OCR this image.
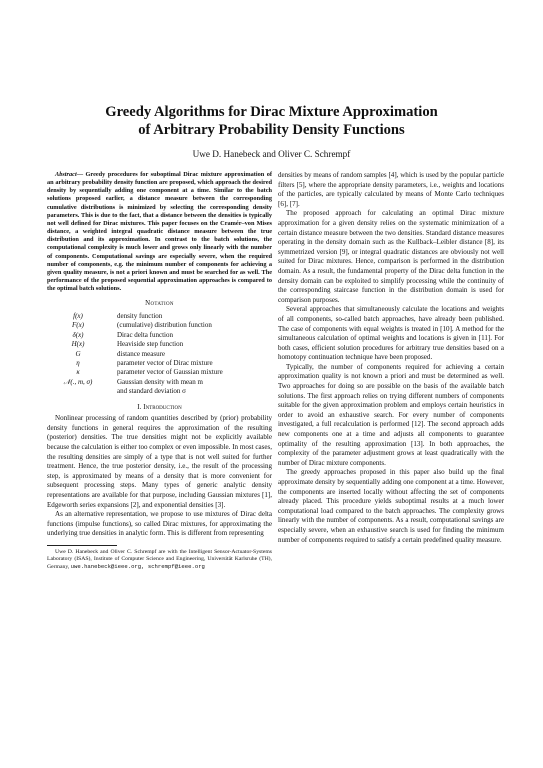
Greedy Algorithms for Dirac Mixture Approximation
of Arbitrary Probability Density Functions
Uwe D. Hanebeck and Oliver C. Schrempf

Abstract— Greedy procedures for suboptimal Dirac mixture approximation of an arbitrary probability density function are proposed, which approach the desired density by sequentially adding one component at a time. Similar to the batch solutions proposed earlier, a distance measure between the corresponding cumulative distributions is minimized by selecting the corresponding density parameters. This is due to the fact, that a distance between the densities is typically not well defined for Dirac mixtures. This paper focuses on the Cramér–von Mises distance, a weighted integral quadratic distance measure between the true distribution and its approximation. In contrast to the batch solutions, the computational complexity is much lower and grows only linearly with the number of components. Computational savings are especially severe, when the required number of components, e.g. the minimum number of components for achieving a given quality measure, is not a priori known and must be searched for as well. The performance of the proposed sequential approximation approaches is compared to the optimal batch solutions.

Notation
f(x)	density function
F(x)	(cumulative) distribution function
δ(x)	Dirac delta function
H(x)	Heaviside step function
G	distance measure
η	parameter vector of Dirac mixture
κ	parameter vector of Gaussian mixture
𝒩(., m, σ)	Gaussian density with mean m
	and standard deviation σ
I. Introduction

Nonlinear processing of random quantities described by (prior) probability density functions in general requires the approximation of the resulting (posterior) densities. The true densities might not be explicitly available because the calculation is either too complex or even impossible. In most cases, the resulting densities are simply of a type that is not well suited for further treatment. Hence, the true posterior density, i.e., the result of the processing step, is approximated by means of a density that is more convenient for subsequent processing steps. Many types of generic analytic density representations are available for that purpose, including Gaussian mixtures [1], Edgeworth series expansions [2], and exponential densities [3].

As an alternative representation, we propose to use mixtures of Dirac delta functions (impulse functions), so called Dirac mixtures, for approximating the underlying true densities in analytic form. This is different from representing

Uwe D. Hanebeck and Oliver C. Schrempf are with the Intelligent Sensor-Actuator-Systems Laboratory (ISAS), Institute of Computer Science and Engineering, Universität Karlsruhe (TH), Germany, uwe.hanebeck@ieee.org, schrempf@ieee.org

densities by means of random samples [4], which is used by the popular particle filters [5], where the appropriate density parameters, i.e., weights and locations of the particles, are typically calculated by means of Monte Carlo techniques [6], [7].

The proposed approach for calculating an optimal Dirac mixture approximation for a given density relies on the systematic minimization of a certain distance measure between the two densities. Standard distance measures operating in the density domain such as the Kullback–Leibler distance [8], its symmetrized version [9], or integral quadratic distances are obviously not well suited for Dirac mixtures. Hence, comparison is performed in the distribution domain. As a result, the fundamental property of the Dirac delta function in the density domain can be exploited to simplify processing while the continuity of the corresponding staircase function in the distribution domain is used for comparison purposes.

Several approaches that simultaneously calculate the locations and weights of all components, so-called batch approaches, have already been published. The case of components with equal weights is treated in [10]. A method for the simultaneous calculation of optimal weights and locations is given in [11]. For both cases, efficient solution procedures for arbitrary true densities based on a homotopy continuation technique have been proposed.

Typically, the number of components required for achieving a certain approximation quality is not known a priori and must be determined as well. Two approaches for doing so are possible on the basis of the available batch solutions. The first approach relies on trying different numbers of components suitable for the given approximation problem and employs certain heuristics in order to avoid an exhaustive search. For every number of components investigated, a full recalculation is performed [12]. The second approach adds new components one at a time and adjusts all components to guarantee optimality of the resulting approximation [13]. In both approaches, the complexity of the parameter adjustment grows at least quadratically with the number of Dirac mixture components.

The greedy approaches proposed in this paper also build up the final approximate density by sequentially adding one component at a time. However, the components are inserted locally without affecting the set of components already placed. This procedure yields suboptimal results at a much lower computational load compared to the batch approaches. The complexity grows linearly with the number of components. As a result, computational savings are especially severe, when an exhaustive search is used for finding the minimum number of components required to satisfy a certain predefined quality measure.
